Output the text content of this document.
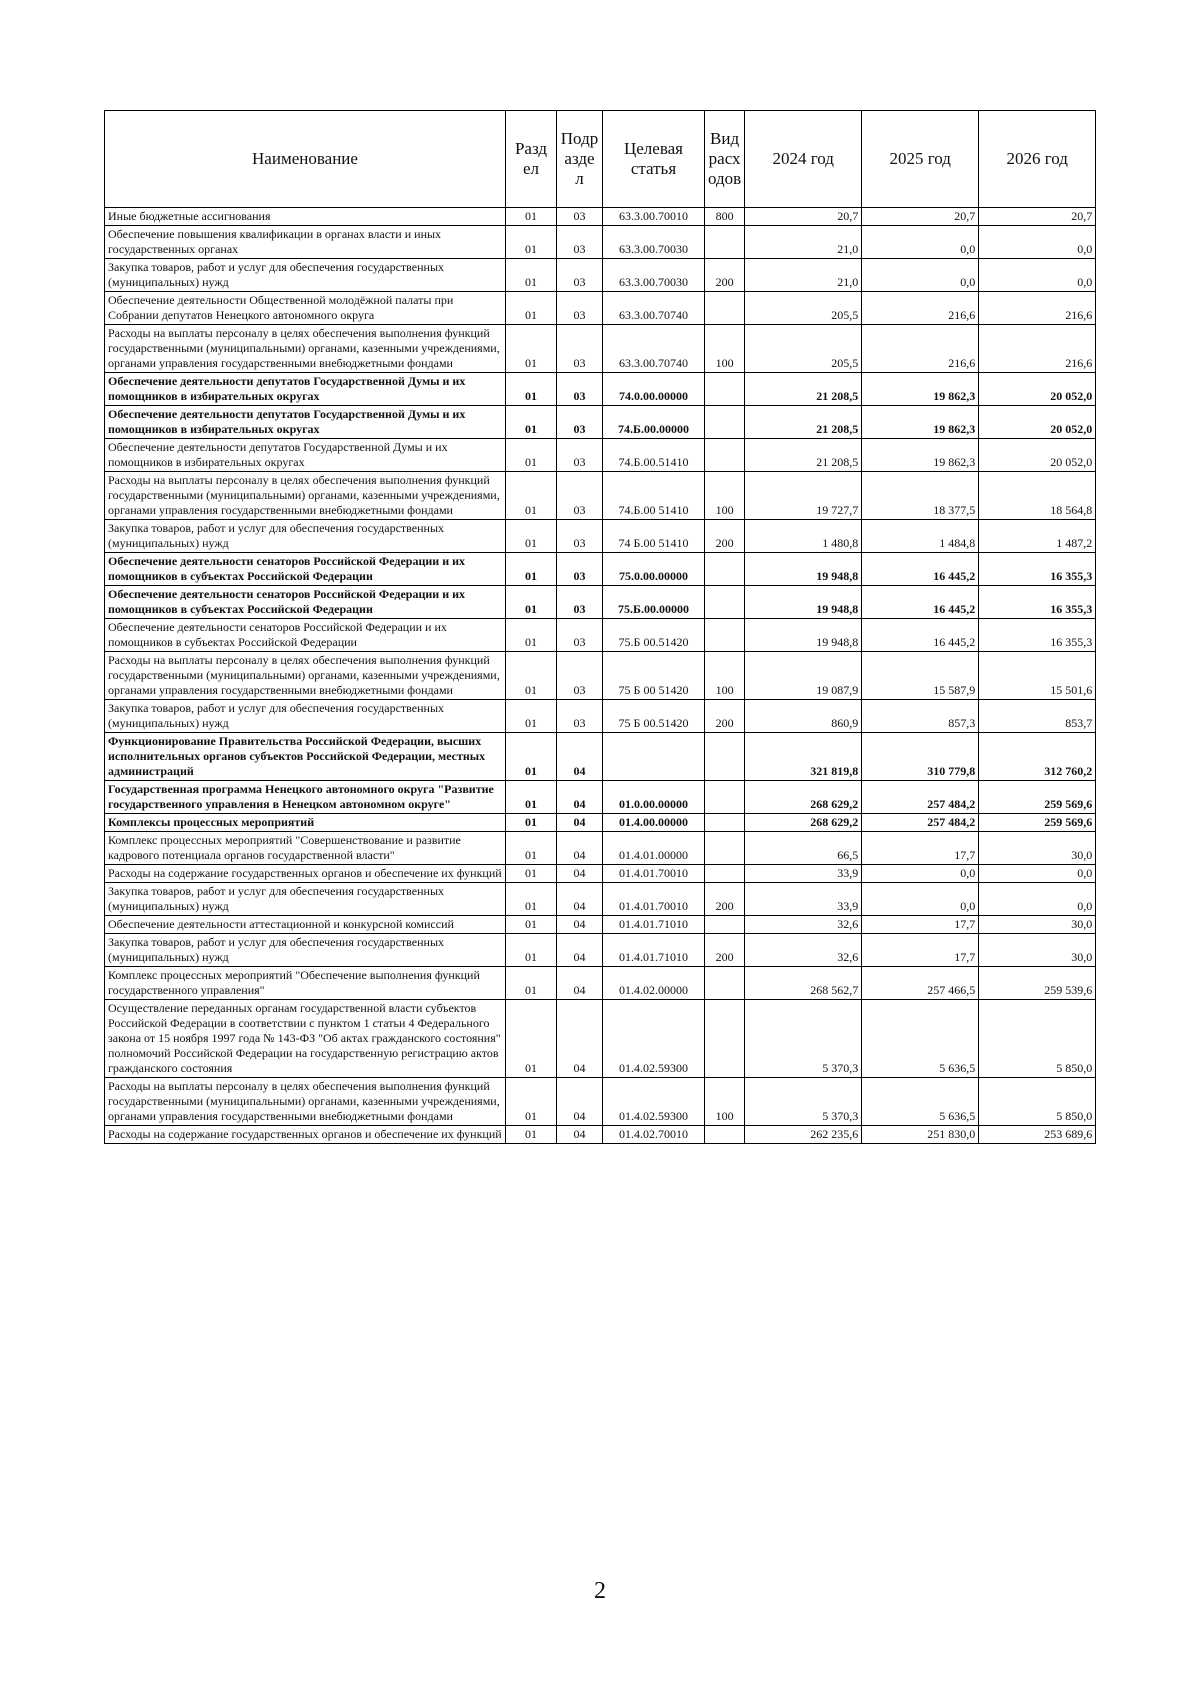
Наименование	Разд ел	Подр азде л	Целевая статья	Вид расх одов	2024 год	2025 год	2026 год
Иные бюджетные ассигнования	01	03	63.3.00.70010	800	20,7	20,7	20,7
Обеспечение повышения квалификации в органах власти и иных государственных органах	01	03	63.3.00.70030		21,0	0,0	0,0
Закупка товаров, работ и услуг для обеспечения государственных (муниципальных) нужд	01	03	63.3.00.70030	200	21,0	0,0	0,0
Обеспечение деятельности Общественной молодёжной палаты при Собрании депутатов Ненецкого автономного округа	01	03	63.3.00.70740		205,5	216,6	216,6
Расходы на выплаты персоналу в целях обеспечения выполнения функций государственными (муниципальными) органами, казенными учреждениями, органами управления государственными внебюджетными фондами	01	03	63.3.00.70740	100	205,5	216,6	216,6
Обеспечение деятельности депутатов Государственной Думы и их помощников в избирательных округах	01	03	74.0.00.00000		21 208,5	19 862,3	20 052,0
Обеспечение деятельности депутатов Государственной Думы и их помощников в избирательных округах	01	03	74.Б.00.00000		21 208,5	19 862,3	20 052,0
Обеспечение деятельности депутатов Государственной Думы и их помощников в избирательных округах	01	03	74.Б.00.51410		21 208,5	19 862,3	20 052,0
Расходы на выплаты персоналу в целях обеспечения выполнения функций государственными (муниципальными) органами, казенными учреждениями, органами управления государственными внебюджетными фондами	01	03	74.Б.00 51410	100	19 727,7	18 377,5	18 564,8
Закупка товаров, работ и услуг для обеспечения государственных (муниципальных) нужд	01	03	74 Б.00 51410	200	1 480,8	1 484,8	1 487,2
Обеспечение деятельности сенаторов Российской Федерации и их помощников в субъектах Российской Федерации	01	03	75.0.00.00000		19 948,8	16 445,2	16 355,3
Обеспечение деятельности сенаторов Российской Федерации и их помощников в субъектах Российской Федерации	01	03	75.Б.00.00000		19 948,8	16 445,2	16 355,3
Обеспечение деятельности сенаторов Российской Федерации и их помощников в субъектах Российской Федерации	01	03	75.Б 00.51420		19 948,8	16 445,2	16 355,3
Расходы на выплаты персоналу в целях обеспечения выполнения функций государственными (муниципальными) органами, казенными учреждениями, органами управления государственными внебюджетными фондами	01	03	75 Б 00 51420	100	19 087,9	15 587,9	15 501,6
Закупка товаров, работ и услуг для обеспечения государственных (муниципальных) нужд	01	03	75 Б 00.51420	200	860,9	857,3	853,7
Функционирование Правительства Российской Федерации, высших исполнительных органов субъектов Российской Федерации, местных администраций	01	04			321 819,8	310 779,8	312 760,2
Государственная программа Ненецкого автономного округа "Развитие государственного управления в Ненецком автономном округе"	01	04	01.0.00.00000		268 629,2	257 484,2	259 569,6
Комплексы процессных мероприятий	01	04	01.4.00.00000		268 629,2	257 484,2	259 569,6
Комплекс процессных мероприятий "Совершенствование и развитие кадрового потенциала органов государственной власти"	01	04	01.4.01.00000		66,5	17,7	30,0
Расходы на содержание государственных органов и обеспечение их функций	01	04	01.4.01.70010		33,9	0,0	0,0
Закупка товаров, работ и услуг для обеспечения государственных (муниципальных) нужд	01	04	01.4.01.70010	200	33,9	0,0	0,0
Обеспечение деятельности аттестационной и конкурсной комиссий	01	04	01.4.01.71010		32,6	17,7	30,0
Закупка товаров, работ и услуг для обеспечения государственных (муниципальных) нужд	01	04	01.4.01.71010	200	32,6	17,7	30,0
Комплекс процессных мероприятий "Обеспечение выполнения функций государственного управления"	01	04	01.4.02.00000		268 562,7	257 466,5	259 539,6
Осуществление переданных органам государственной власти субъектов Российской Федерации в соответствии с пунктом 1 статьи 4 Федерального закона от 15 ноября 1997 года № 143-ФЗ "Об актах гражданского состояния" полномочий Российской Федерации на государственную регистрацию актов гражданского состояния	01	04	01.4.02.59300		5 370,3	5 636,5	5 850,0
Расходы на выплаты персоналу в целях обеспечения выполнения функций государственными (муниципальными) органами, казенными учреждениями, органами управления государственными внебюджетными фондами	01	04	01.4.02.59300	100	5 370,3	5 636,5	5 850,0
Расходы на содержание государственных органов и обеспечение их функций	01	04	01.4.02.70010		262 235,6	251 830,0	253 689,6
2
